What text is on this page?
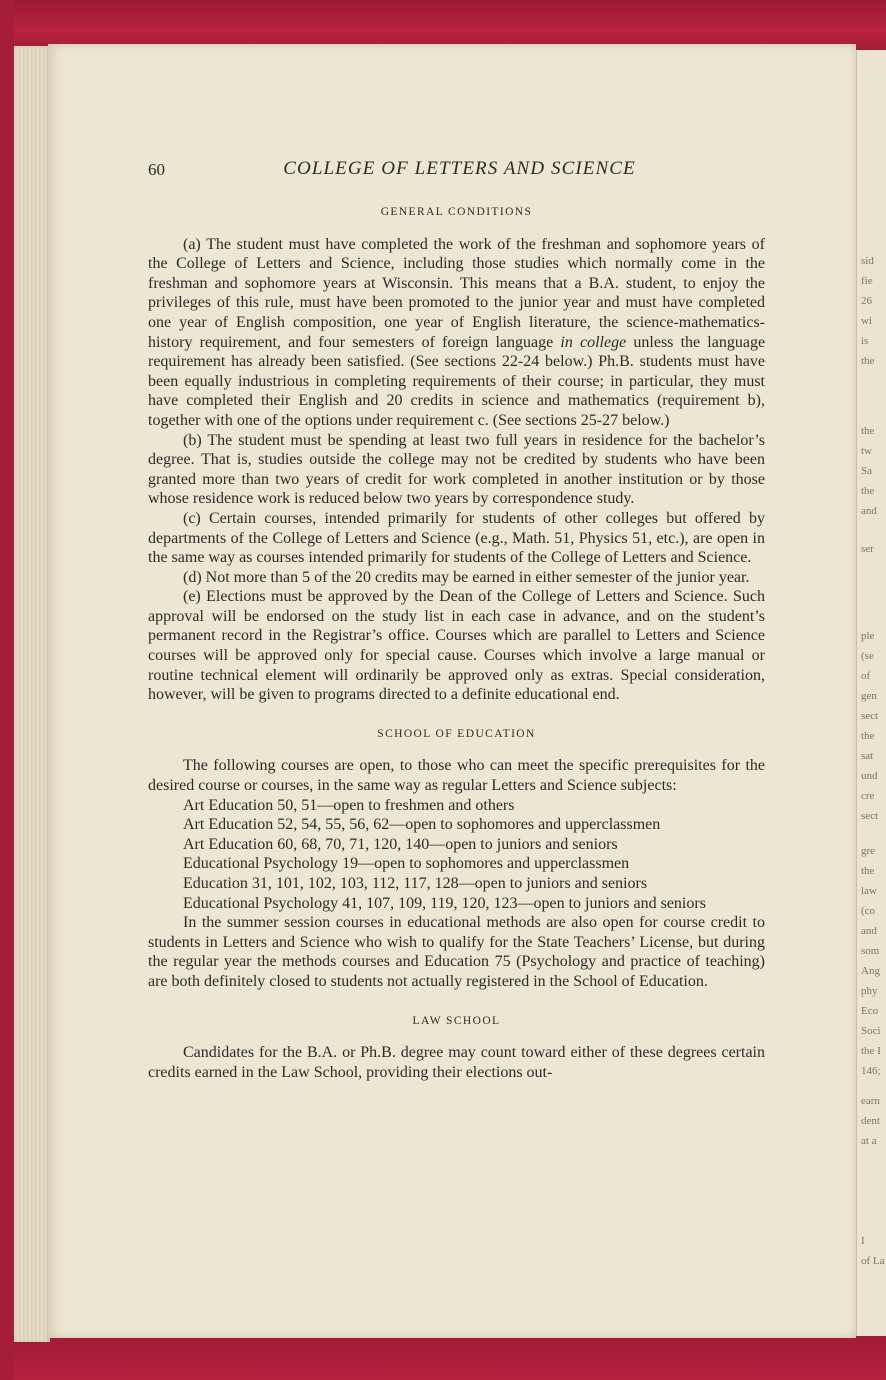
sid
fie
26
wi
is
the
the
tw
Sa
the
and
ser
ple
(se
of
gen
sect
the
sat
und
cre
sect
gre
the
law
(co
and
som
Ang
phy
Eco
Soci
the I
146;
earn
dent
at a
I
of La
60	COLLEGE OF LETTERS AND SCIENCE
GENERAL CONDITIONS

(a) The student must have completed the work of the freshman and sophomore years of the College of Letters and Science, including those studies which normally come in the freshman and sophomore years at Wisconsin. This means that a B.A. student, to enjoy the privileges of this rule, must have been promoted to the junior year and must have completed one year of English composition, one year of English literature, the science-mathematics-history requirement, and four semesters of foreign language in college unless the language requirement has already been satisfied. (See sections 22-24 below.) Ph.B. students must have been equally industrious in completing requirements of their course; in particular, they must have completed their English and 20 credits in science and mathematics (requirement b), together with one of the options under requirement c. (See sections 25-27 below.)

(b) The student must be spending at least two full years in residence for the bachelor’s degree. That is, studies outside the college may not be credited by students who have been granted more than two years of credit for work completed in another institution or by those whose residence work is reduced below two years by correspondence study.

(c) Certain courses, intended primarily for students of other colleges but offered by departments of the College of Letters and Science (e.g., Math. 51, Physics 51, etc.), are open in the same way as courses intended primarily for students of the College of Letters and Science.

(d) Not more than 5 of the 20 credits may be earned in either semester of the junior year.

(e) Elections must be approved by the Dean of the College of Letters and Science. Such approval will be endorsed on the study list in each case in advance, and on the student’s permanent record in the Registrar’s office. Courses which are parallel to Letters and Science courses will be approved only for special cause. Courses which involve a large manual or routine technical element will ordinarily be approved only as extras. Special consideration, however, will be given to programs directed to a definite educational end.

SCHOOL OF EDUCATION

The following courses are open, to those who can meet the specific prerequisites for the desired course or courses, in the same way as regular Letters and Science subjects:

Art Education 50, 51—open to freshmen and others
Art Education 52, 54, 55, 56, 62—open to sophomores and upperclassmen
Art Education 60, 68, 70, 71, 120, 140—open to juniors and seniors
Educational Psychology 19—open to sophomores and upperclassmen
Education 31, 101, 102, 103, 112, 117, 128—open to juniors and seniors
Educational Psychology 41, 107, 109, 119, 120, 123—open to juniors and seniors

In the summer session courses in educational methods are also open for course credit to students in Letters and Science who wish to qualify for the State Teachers’ License, but during the regular year the methods courses and Education 75 (Psychology and practice of teaching) are both definitely closed to students not actually registered in the School of Education.

LAW SCHOOL

Candidates for the B.A. or Ph.B. degree may count toward either of these degrees certain credits earned in the Law School, providing their elections out-
